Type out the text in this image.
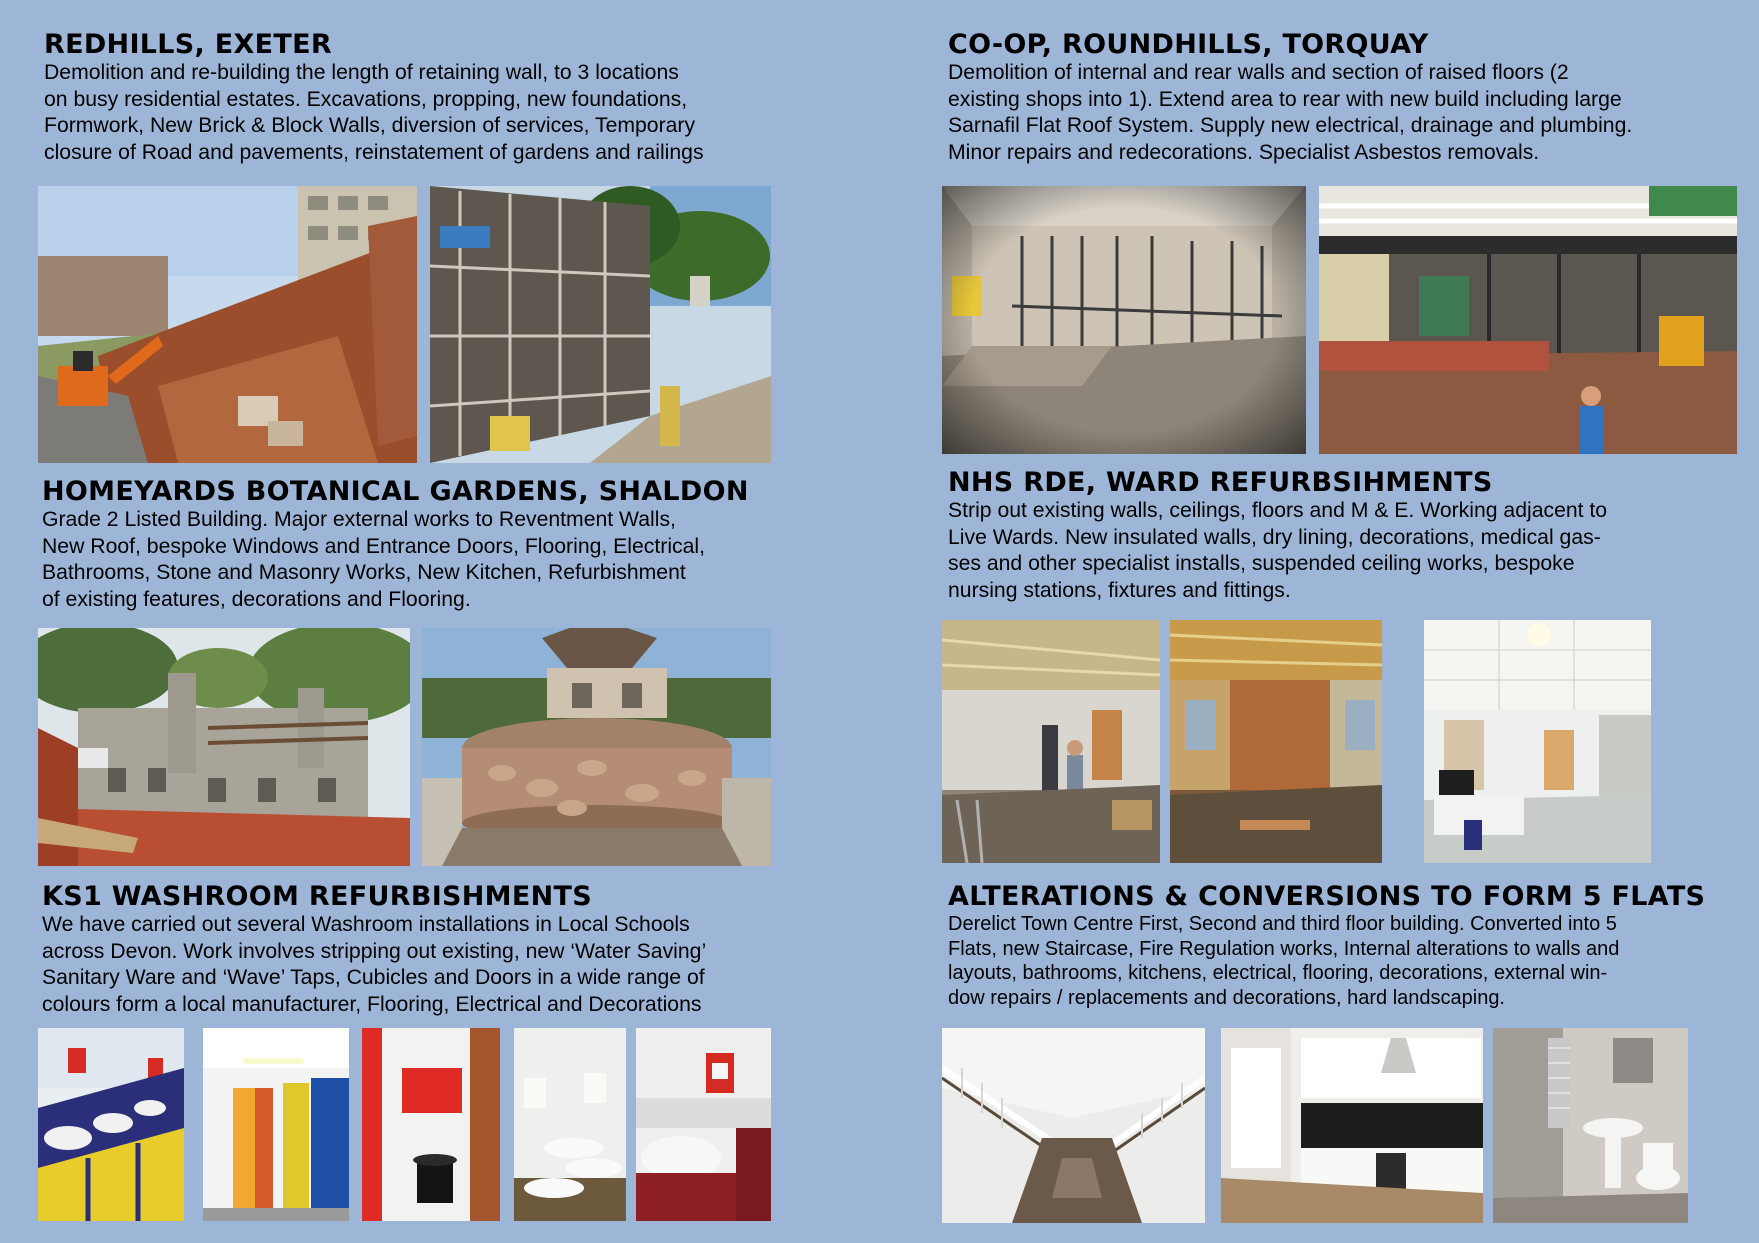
REDHILLS, EXETER
Demolition and re-building the length of retaining wall, to 3 locations
on busy residential estates. Excavations, propping, new foundations,
Formwork, New Brick & Block Walls, diversion of services, Temporary
closure of Road and pavements, reinstatement of gardens and railings
HOMEYARDS BOTANICAL GARDENS, SHALDON
Grade 2 Listed Building. Major external works to Reventment Walls,
New Roof, bespoke Windows and Entrance Doors, Flooring, Electrical,
Bathrooms, Stone and Masonry Works, New Kitchen, Refurbishment
of existing features, decorations and Flooring.
KS1 WASHROOM REFURBISHMENTS
We have carried out several Washroom installations in Local Schools
across Devon. Work involves stripping out existing, new ‘Water Saving’
Sanitary Ware and ‘Wave’ Taps, Cubicles and Doors in a wide range of
colours form a local manufacturer, Flooring, Electrical and Decorations
CO-OP, ROUNDHILLS, TORQUAY
Demolition of internal and rear walls and section of raised floors (2
existing shops into 1). Extend area to rear with new build including large
Sarnafil Flat Roof System. Supply new electrical, drainage and plumbing.
Minor repairs and redecorations. Specialist Asbestos removals.
NHS RDE, WARD REFURBSIHMENTS
Strip out existing walls, ceilings, floors and M & E. Working adjacent to
Live Wards. New insulated walls, dry lining, decorations, medical gas-
ses and other specialist installs, suspended ceiling works, bespoke
nursing stations, fixtures and fittings.
ALTERATIONS & CONVERSIONS TO FORM 5 FLATS
Derelict Town Centre First, Second and third floor building. Converted into 5
Flats, new Staircase, Fire Regulation works, Internal alterations to walls and
layouts, bathrooms, kitchens, electrical, flooring, decorations, external win-
dow repairs / replacements and decorations, hard landscaping.
